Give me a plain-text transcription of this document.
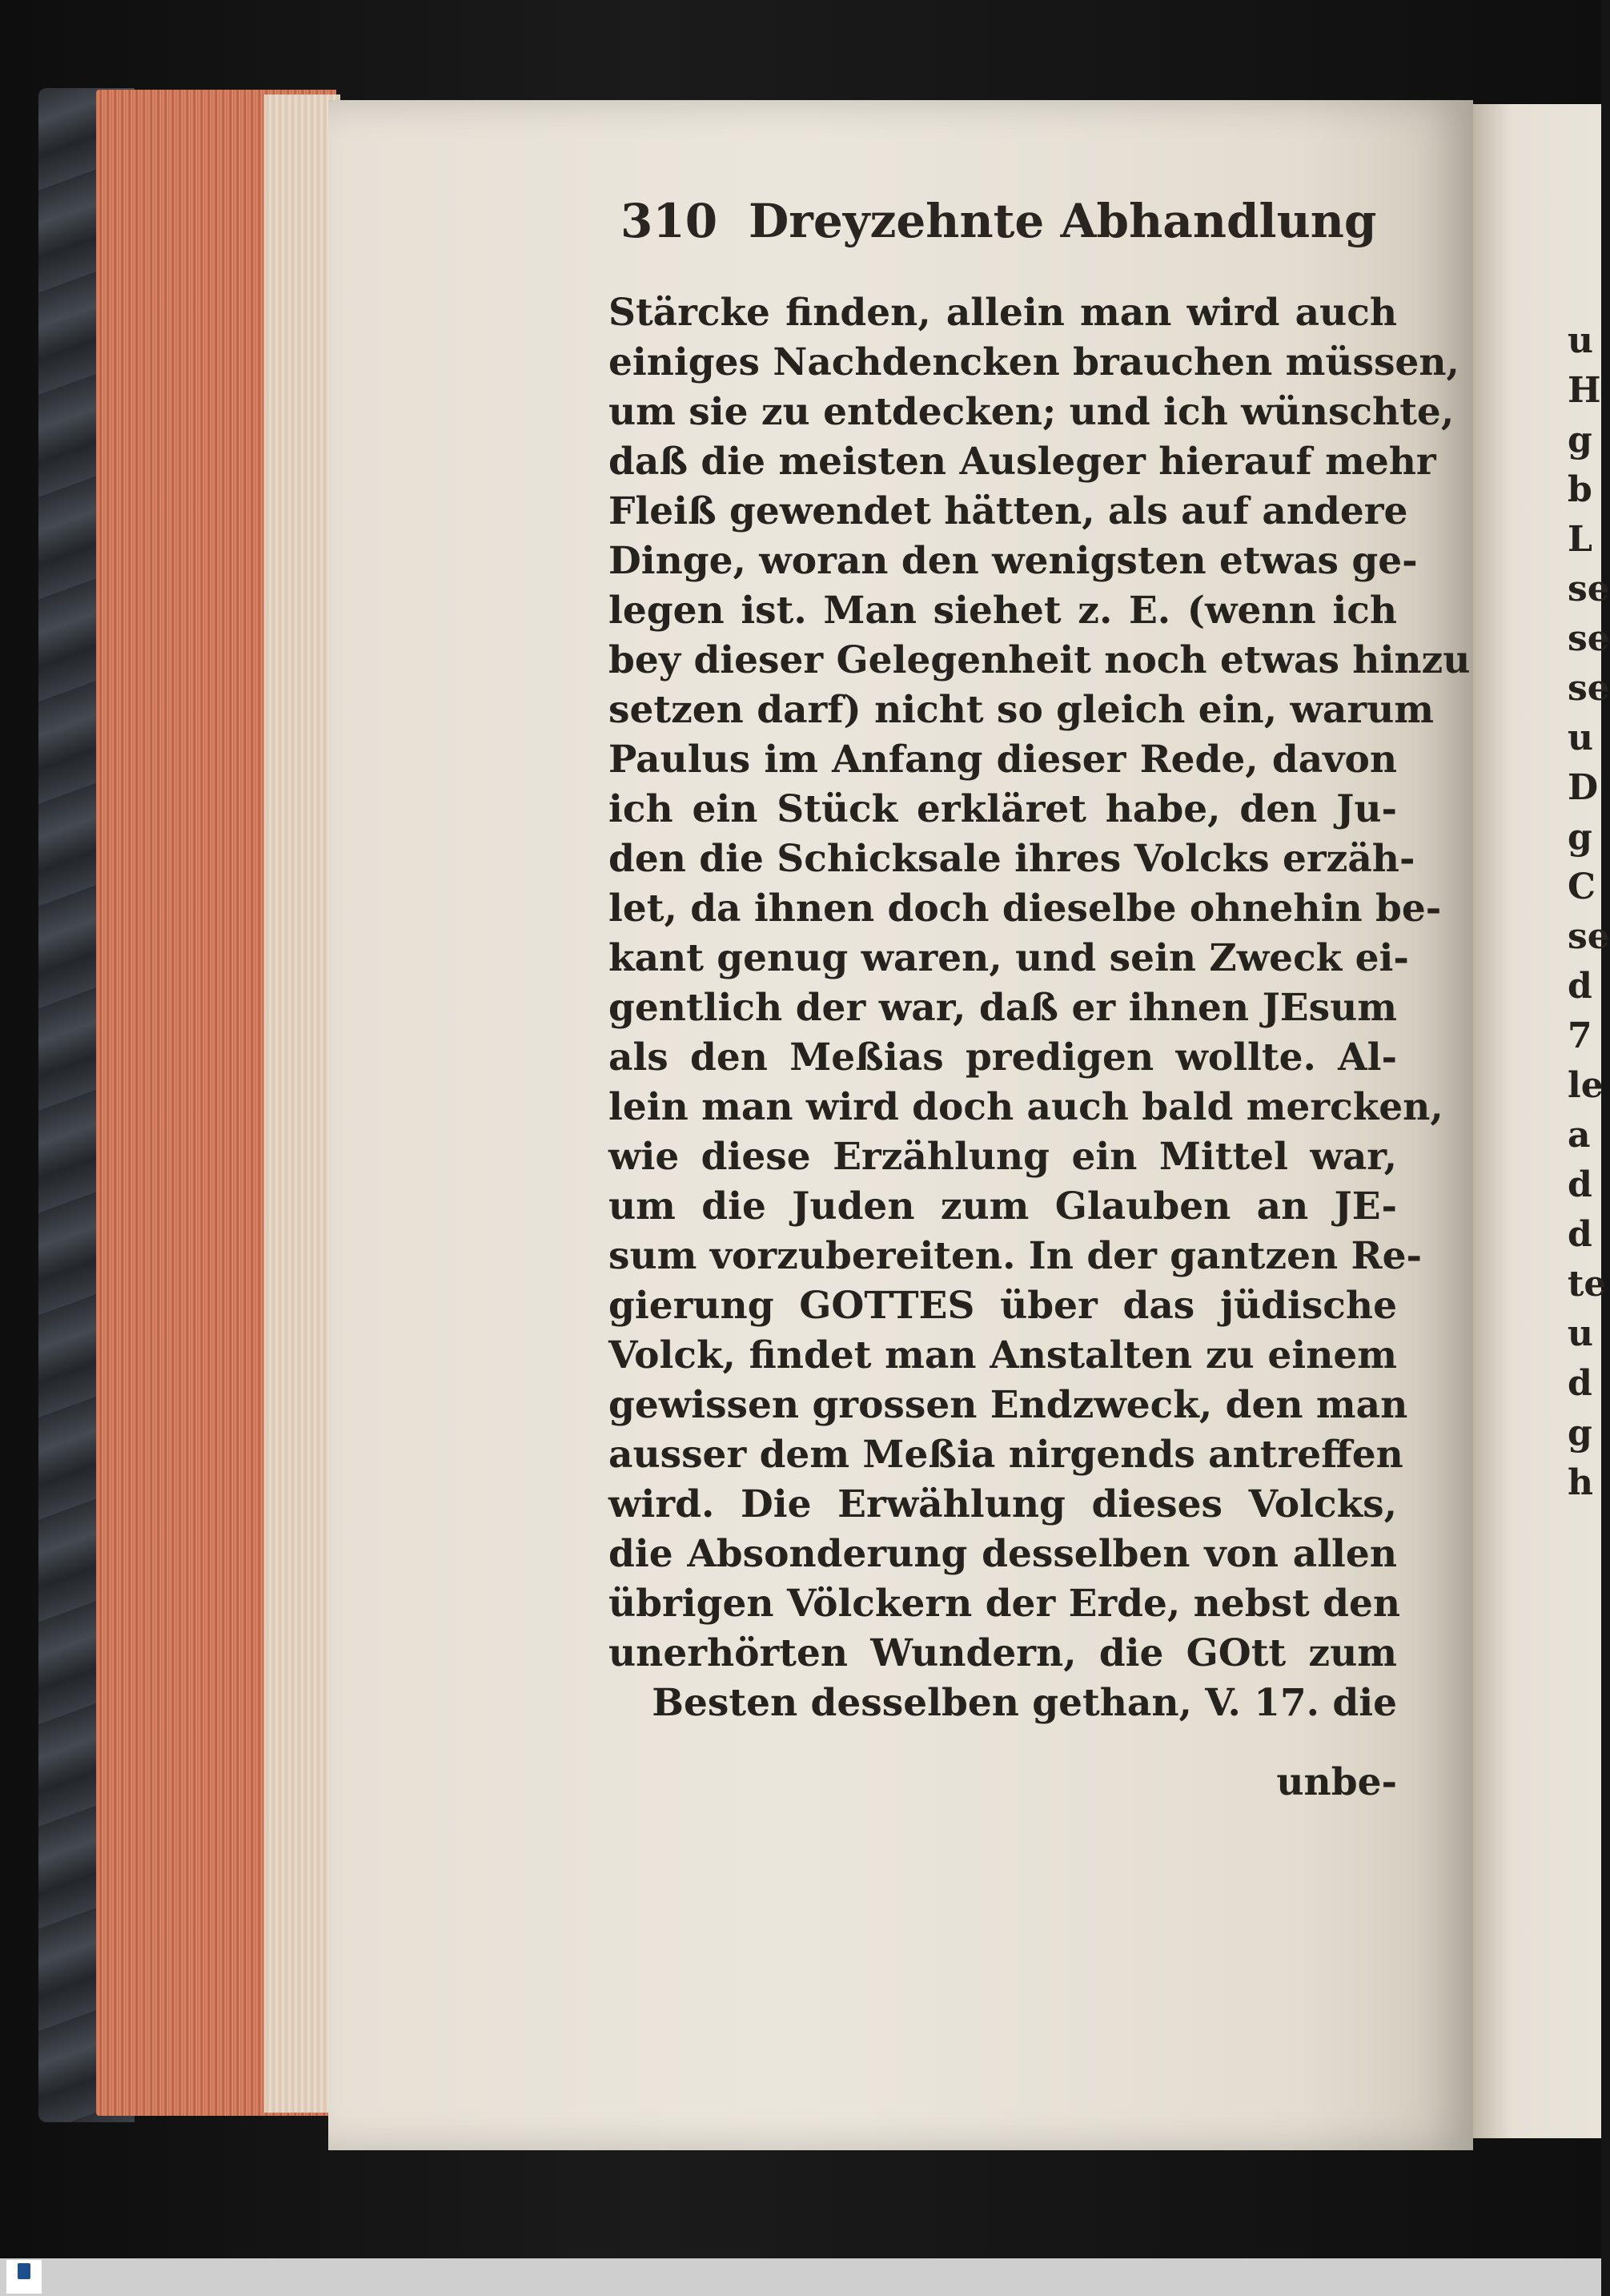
310 Dreyzehnte Abhandlung
Stärcke finden, allein man wird auch
einiges Nachdencken brauchen müssen,
um sie zu entdecken; und ich wünschte,
daß die meisten Ausleger hierauf mehr
Fleiß gewendet hätten, als auf andere
Dinge, woran den wenigsten etwas ge-
legen ist. Man siehet z. E. (wenn ich
bey dieser Gelegenheit noch etwas hinzu
setzen darf) nicht so gleich ein, warum
Paulus im Anfang dieser Rede, davon
ich ein Stück erkläret habe, den Ju-
den die Schicksale ihres Volcks erzäh-
let, da ihnen doch dieselbe ohnehin be-
kant genug waren, und sein Zweck ei-
gentlich der war, daß er ihnen JEsum
als den Meßias predigen wollte. Al-
lein man wird doch auch bald mercken,
wie diese Erzählung ein Mittel war,
um die Juden zum Glauben an JE-
sum vorzubereiten. In der gantzen Re-
gierung GOTTES über das jüdische
Volck, findet man Anstalten zu einem
gewissen grossen Endzweck, den man
ausser dem Meßia nirgends antreffen
wird. Die Erwählung dieses Volcks,
die Absonderung desselben von allen
übrigen Völckern der Erde, nebst den
unerhörten Wundern, die GOtt zum
Besten desselben gethan, V. 17. die
unbe-
u
H
g
b
L
se
se
se
u
D
g
C
se
d
7
le
a
d
d
te
u
d
g
h
